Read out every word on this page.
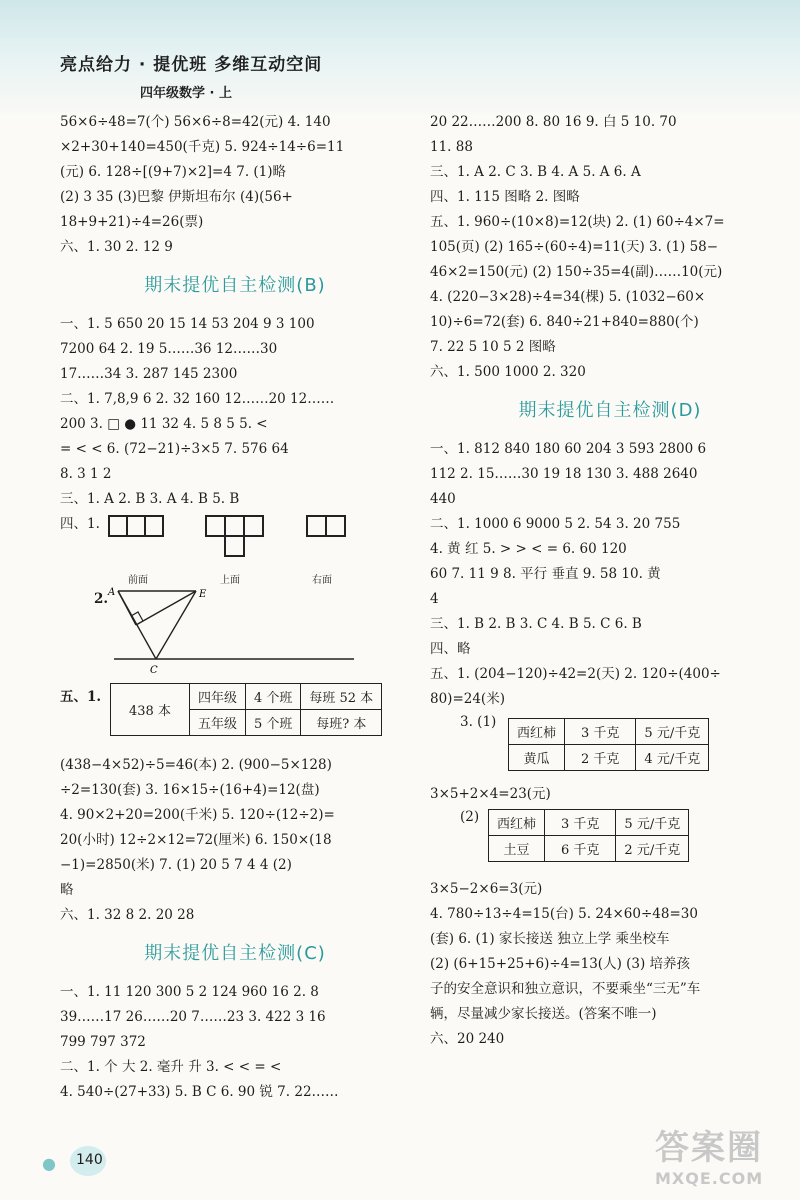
亮点给力 · 提优班 多维互动空间
四年级数学 · 上
56×6÷48=7(个) 56×6÷8=42(元) 4. 140
×2+30+140=450(千克) 5. 924÷14÷6=11
(元) 6. 128÷[(9+7)×2]=4 7. (1)略
(2) 3 35 (3)巴黎 伊斯坦布尔 (4)(56+
18+9+21)÷4=26(票)
六、1. 30 2. 12 9
期末提优自主检测(B)
一、1. 5 650 20 15 14 53 204 9 3 100
7200 64 2. 19 5……36 12……30
17……34 3. 287 145 2300
二、1. 7,8,9 6 2. 32 160 12……20 12……
200 3. □ ● 11 32 4. 5 8 5 5. <
= < < 6. (72−21)÷3×5 7. 576 64
8. 3 1 2
三、1. A 2. B 3. A 4. B 5. B
四、1.
前面	上面	右面
2. A	E
C
五、1.
438 本	四年级	4 个班	每班 52 本
	五年级	5 个班	每班? 本
(438−4×52)÷5=46(本) 2. (900−5×128)
÷2=130(套) 3. 16×15÷(16+4)=12(盘)
4. 90×2+20=200(千米) 5. 120÷(12÷2)=
20(小时) 12÷2×12=72(厘米) 6. 150×(18
−1)=2850(米) 7. (1) 20 5 7 4 4 (2)
略
六、1. 32 8 2. 20 28
期末提优自主检测(C)
一、1. 11 120 300 5 2 124 960 16 2. 8
39……17 26……20 7……23 3. 422 3 16
799 797 372
二、1. 个 大 2. 毫升 升 3. < < = <
4. 540÷(27+33) 5. B C 6. 90 锐 7. 22……
20 22……200 8. 80 16 9. 白 5 10. 70
11. 88
三、1. A 2. C 3. B 4. A 5. A 6. A
四、1. 115 图略 2. 图略
五、1. 960÷(10×8)=12(块) 2. (1) 60÷4×7=
105(页) (2) 165÷(60÷4)=11(天) 3. (1) 58−
46×2=150(元) (2) 150÷35=4(副)……10(元)
4. (220−3×28)÷4=34(棵) 5. (1032−60×
10)÷6=72(套) 6. 840÷21+840=880(个)
7. 22 5 10 5 2 图略
六、1. 500 1000 2. 320
期末提优自主检测(D)
一、1. 812 840 180 60 204 3 593 2800 6
112 2. 15……30 19 18 130 3. 488 2640
440
二、1. 1000 6 9000 5 2. 54 3. 20 755
4. 黄 红 5. > > < = 6. 60 120
60 7. 11 9 8. 平行 垂直 9. 58 10. 黄
4
三、1. B 2. B 3. C 4. B 5. C 6. B
四、略
五、1. (204−120)÷42=2(天) 2. 120÷(400÷
80)=24(米)
3. (1)
西红柿	3 千克	5 元/千克
黄瓜	2 千克	4 元/千克
3×5+2×4=23(元)
(2) 西红柿	3 千克	5 元/千克
土豆	6 千克	2 元/千克
3×5−2×6=3(元)
4. 780÷13÷4=15(台) 5. 24×60÷48=30
(套) 6. (1) 家长接送 独立上学 乘坐校车
(2) (6+15+25+6)÷4=13(人) (3) 培养孩
子的安全意识和独立意识，不要乘坐“三无”车
辆，尽量减少家长接送。(答案不唯一)
六、20 240
● 140	答案圈
MXQE.COM
